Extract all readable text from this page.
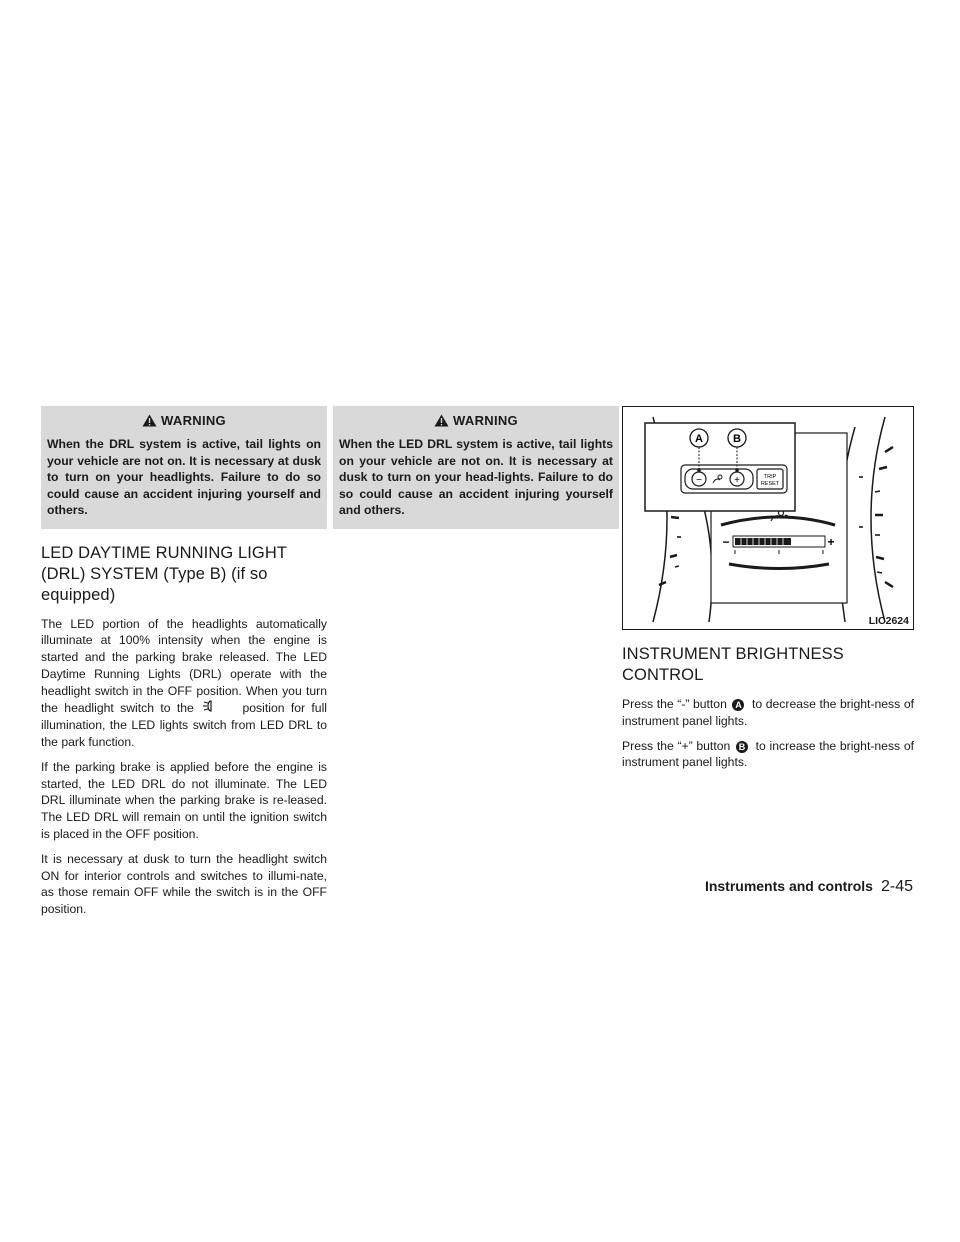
WARNING
When the DRL system is active, tail lights on your vehicle are not on. It is necessary at dusk to turn on your headlights. Failure to do so could cause an accident injuring yourself and others.
LED DAYTIME RUNNING LIGHT (DRL) SYSTEM (Type B) (if so equipped)

The LED portion of the headlights automatically illuminate at 100% intensity when the engine is started and the parking brake released. The LED Daytime Running Lights (DRL) operate with the headlight switch in the OFF position. When you turn the headlight switch to the	position for full illumination, the LED lights switch from LED DRL to the park function.

If the parking brake is applied before the engine is started, the LED DRL do not illuminate. The LED DRL illuminate when the parking brake is re-leased. The LED DRL will remain on until the ignition switch is placed in the OFF position.

It is necessary at dusk to turn the headlight switch ON for interior controls and switches to illumi-nate, as those remain OFF while the switch is in the OFF position.

WARNING
When the LED DRL system is active, tail lights on your vehicle are not on. It is necessary at dusk to turn on your head-lights. Failure to do so could cause an accident injuring yourself and others.
A	B
−	+	TRIP
RESET
−	+
LIC2624
INSTRUMENT BRIGHTNESS CONTROL

Press the “-” button A to decrease the bright-ness of instrument panel lights.

Press the “+” button B to increase the bright-ness of instrument panel lights.

Instruments and controls 2-45
